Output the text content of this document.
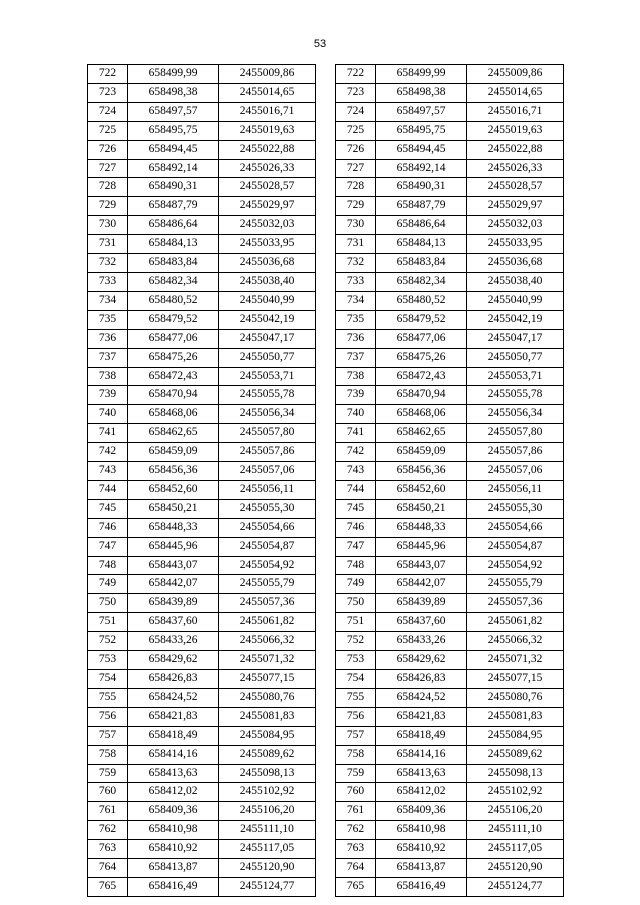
53
722	658499,99	2455009,86
723	658498,38	2455014,65
724	658497,57	2455016,71
725	658495,75	2455019,63
726	658494,45	2455022,88
727	658492,14	2455026,33
728	658490,31	2455028,57
729	658487,79	2455029,97
730	658486,64	2455032,03
731	658484,13	2455033,95
732	658483,84	2455036,68
733	658482,34	2455038,40
734	658480,52	2455040,99
735	658479,52	2455042,19
736	658477,06	2455047,17
737	658475,26	2455050,77
738	658472,43	2455053,71
739	658470,94	2455055,78
740	658468,06	2455056,34
741	658462,65	2455057,80
742	658459,09	2455057,86
743	658456,36	2455057,06
744	658452,60	2455056,11
745	658450,21	2455055,30
746	658448,33	2455054,66
747	658445,96	2455054,87
748	658443,07	2455054,92
749	658442,07	2455055,79
750	658439,89	2455057,36
751	658437,60	2455061,82
752	658433,26	2455066,32
753	658429,62	2455071,32
754	658426,83	2455077,15
755	658424,52	2455080,76
756	658421,83	2455081,83
757	658418,49	2455084,95
758	658414,16	2455089,62
759	658413,63	2455098,13
760	658412,02	2455102,92
761	658409,36	2455106,20
762	658410,98	2455111,10
763	658410,92	2455117,05
764	658413,87	2455120,90
765	658416,49	2455124,77
722	658499,99	2455009,86
723	658498,38	2455014,65
724	658497,57	2455016,71
725	658495,75	2455019,63
726	658494,45	2455022,88
727	658492,14	2455026,33
728	658490,31	2455028,57
729	658487,79	2455029,97
730	658486,64	2455032,03
731	658484,13	2455033,95
732	658483,84	2455036,68
733	658482,34	2455038,40
734	658480,52	2455040,99
735	658479,52	2455042,19
736	658477,06	2455047,17
737	658475,26	2455050,77
738	658472,43	2455053,71
739	658470,94	2455055,78
740	658468,06	2455056,34
741	658462,65	2455057,80
742	658459,09	2455057,86
743	658456,36	2455057,06
744	658452,60	2455056,11
745	658450,21	2455055,30
746	658448,33	2455054,66
747	658445,96	2455054,87
748	658443,07	2455054,92
749	658442,07	2455055,79
750	658439,89	2455057,36
751	658437,60	2455061,82
752	658433,26	2455066,32
753	658429,62	2455071,32
754	658426,83	2455077,15
755	658424,52	2455080,76
756	658421,83	2455081,83
757	658418,49	2455084,95
758	658414,16	2455089,62
759	658413,63	2455098,13
760	658412,02	2455102,92
761	658409,36	2455106,20
762	658410,98	2455111,10
763	658410,92	2455117,05
764	658413,87	2455120,90
765	658416,49	2455124,77
